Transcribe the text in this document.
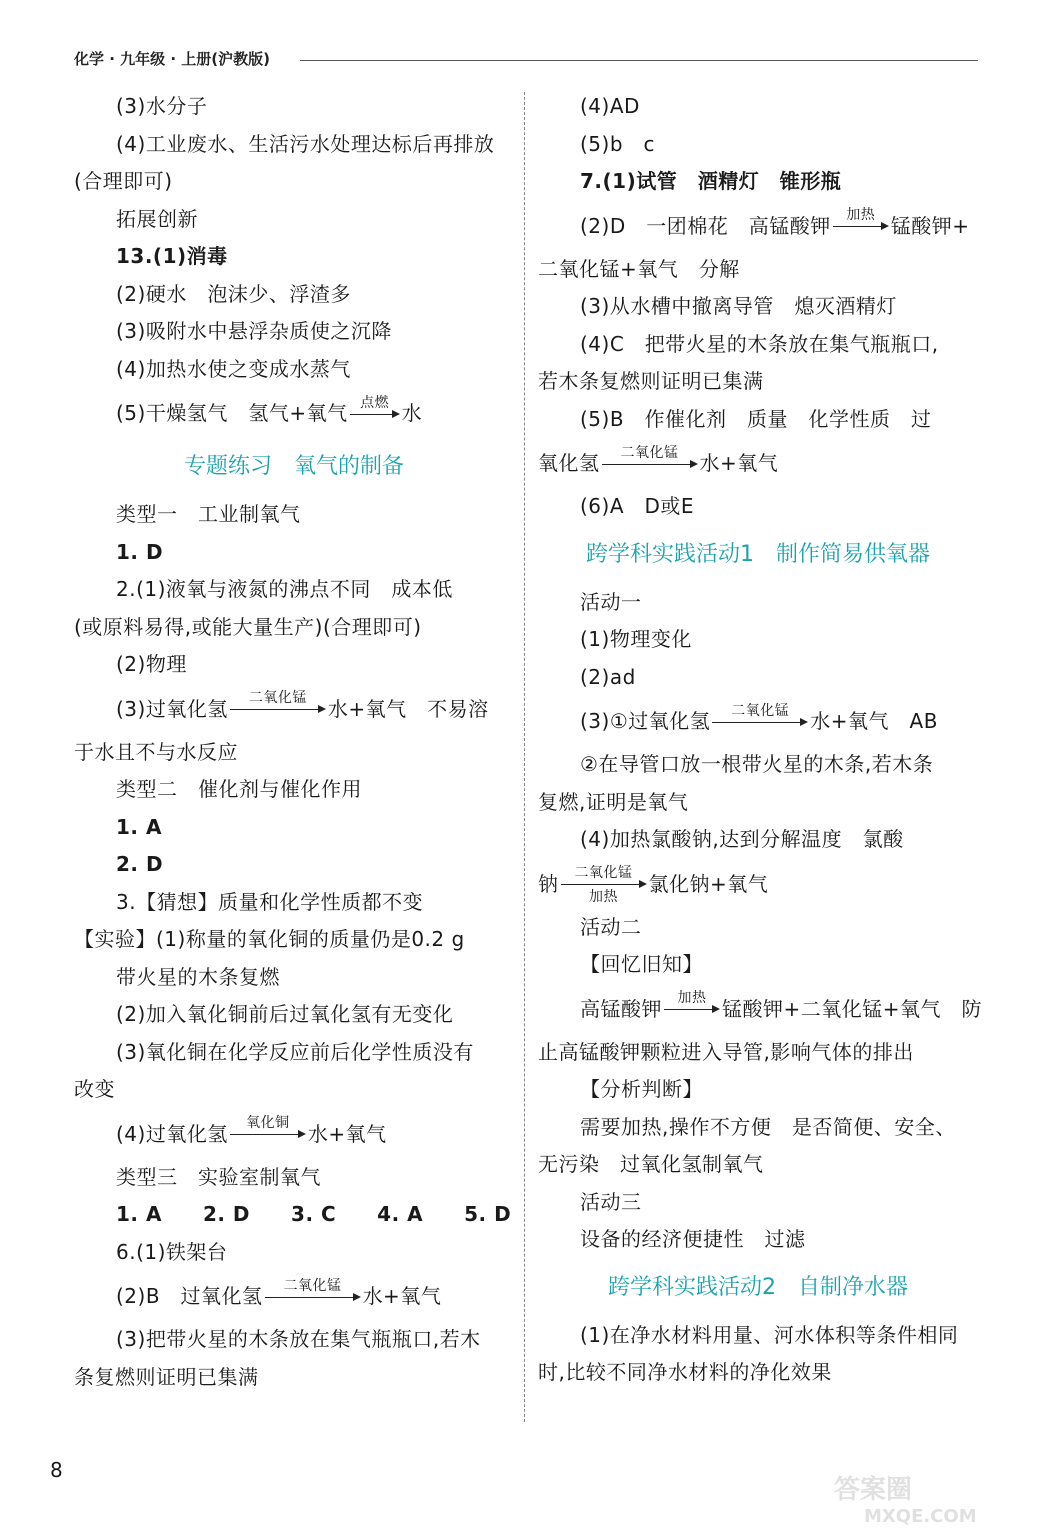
化学 · 九年级 · 上册(沪教版)
(3)水分子
(4)工业废水、生活污水处理达标后再排放
(合理即可)
拓展创新
13.(1)消毒
(2)硬水　泡沫少、浮渣多
(3)吸附水中悬浮杂质使之沉降
(4)加热水使之变成水蒸气
(5)干燥氢气　氢气+氧气 点燃 水
专题练习　氧气的制备
类型一　工业制氧气
1. D
2.(1)液氧与液氮的沸点不同　成本低
(或原料易得,或能大量生产)(合理即可)
(2)物理
(3)过氧化氢	二氧化锰	水+氧气　不易溶
于水且不与水反应
类型二　催化剂与催化作用
1. A
2. D
3.【猜想】质量和化学性质都不变
【实验】(1)称量的氧化铜的质量仍是0.2 g
带火星的木条复燃
(2)加入氧化铜前后过氧化氢有无变化
(3)氧化铜在化学反应前后化学性质没有
改变
(4)过氧化氢	氧化铜 水+氧气
类型三　实验室制氧气
1. A　　2. D　　3. C　　4. A　　5. D
6.(1)铁架台
(2)B　过氧化氢	二氧化锰	水+氧气
(3)把带火星的木条放在集气瓶瓶口,若木
条复燃则证明已集满
(4)AD
(5)b　c
7.(1)试管　酒精灯　锥形瓶
(2)D　一团棉花　高锰酸钾	加热 锰酸钾+
二氧化锰+氧气　分解
(3)从水槽中撤离导管　熄灭酒精灯
(4)C　把带火星的木条放在集气瓶瓶口,
若木条复燃则证明已集满
(5)B　作催化剂　质量　化学性质　过
氧化氢	二氧化锰	水+氧气
(6)A　D或E
跨学科实践活动1　制作简易供氧器
活动一
(1)物理变化
(2)ad
(3)①过氧化氢	二氧化锰	水+氧气　AB
②在导管口放一根带火星的木条,若木条
复燃,证明是氧气
(4)加热氯酸钠,达到分解温度　氯酸
钠	二氧化锰
加热
氯化钠+氧气
活动二
【回忆旧知】
高锰酸钾	加热 锰酸钾+二氧化锰+氧气　防
止高锰酸钾颗粒进入导管,影响气体的排出
【分析判断】
需要加热,操作不方便　是否简便、安全、
无污染　过氧化氢制氧气
活动三
设备的经济便捷性　过滤
跨学科实践活动2　自制净水器
(1)在净水材料用量、河水体积等条件相同
时,比较不同净水材料的净化效果
8
答案圈
MXQE.COM
